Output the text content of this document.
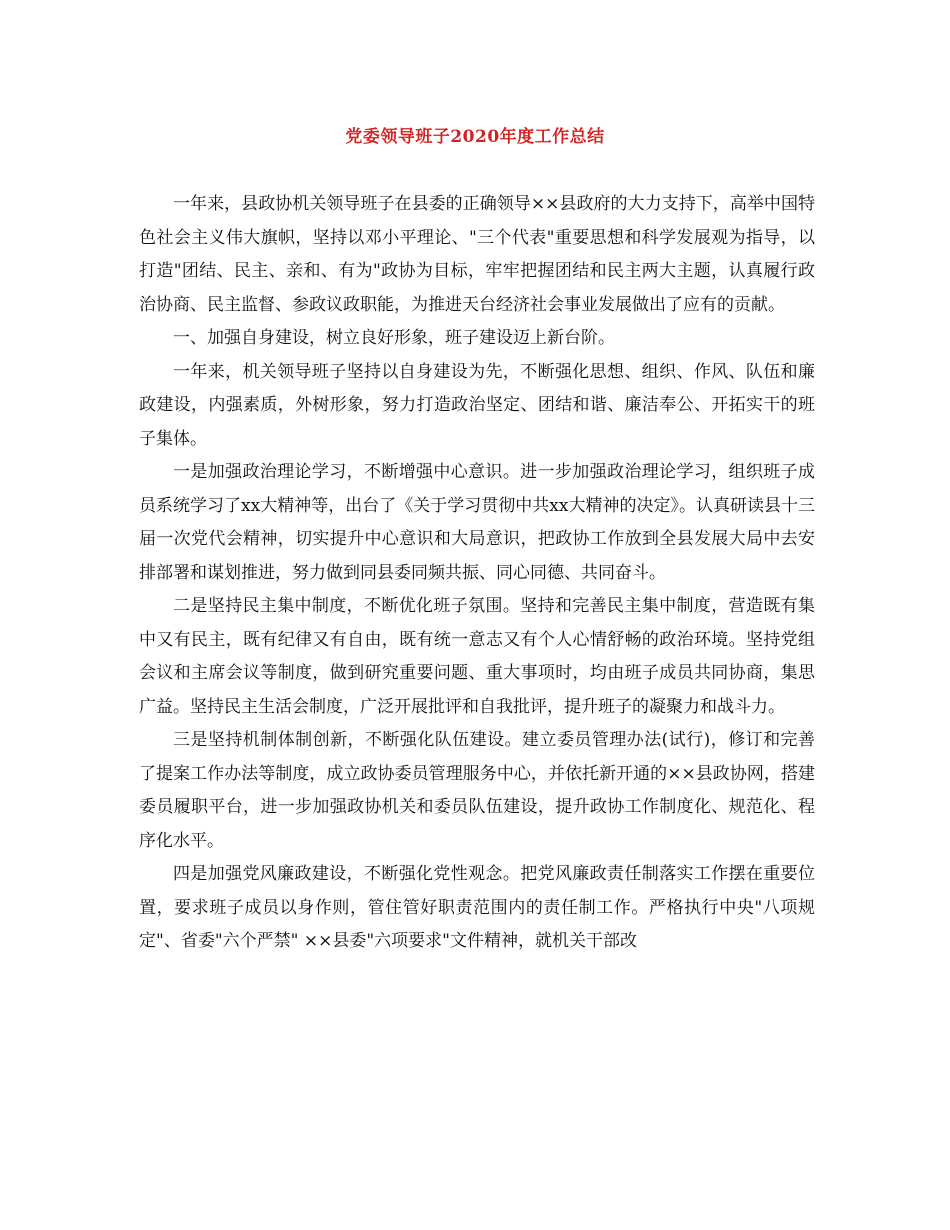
党委领导班子2020年度工作总结

一年来，县政协机关领导班子在县委的正确领导××县政府的大力支持下，高举中国特色社会主义伟大旗帜，坚持以邓小平理论、"三个代表"重要思想和科学发展观为指导，以打造"团结、民主、亲和、有为"政协为目标，牢牢把握团结和民主两大主题，认真履行政治协商、民主监督、参政议政职能，为推进天台经济社会事业发展做出了应有的贡献。

一、加强自身建设，树立良好形象，班子建设迈上新台阶。

一年来，机关领导班子坚持以自身建设为先，不断强化思想、组织、作风、队伍和廉政建设，内强素质，外树形象，努力打造政治坚定、团结和谐、廉洁奉公、开拓实干的班子集体。

一是加强政治理论学习，不断增强中心意识。进一步加强政治理论学习，组织班子成员系统学习了xx大精神等，出台了《关于学习贯彻中共xx大精神的决定》。认真研读县十三届一次党代会精神，切实提升中心意识和大局意识，把政协工作放到全县发展大局中去安排部署和谋划推进，努力做到同县委同频共振、同心同德、共同奋斗。

二是坚持民主集中制度，不断优化班子氛围。坚持和完善民主集中制度，营造既有集中又有民主，既有纪律又有自由，既有统一意志又有个人心情舒畅的政治环境。坚持党组会议和主席会议等制度，做到研究重要问题、重大事项时，均由班子成员共同协商，集思广益。坚持民主生活会制度，广泛开展批评和自我批评，提升班子的凝聚力和战斗力。

三是坚持机制体制创新，不断强化队伍建设。建立委员管理办法(试行)，修订和完善了提案工作办法等制度，成立政协委员管理服务中心，并依托新开通的××县政协网，搭建委员履职平台，进一步加强政协机关和委员队伍建设，提升政协工作制度化、规范化、程序化水平。

四是加强党风廉政建设，不断强化党性观念。把党风廉政责任制落实工作摆在重要位置，要求班子成员以身作则，管住管好职责范围内的责任制工作。严格执行中央"八项规定"、省委"六个严禁" ××县委"六项要求"文件精神，就机关干部改
